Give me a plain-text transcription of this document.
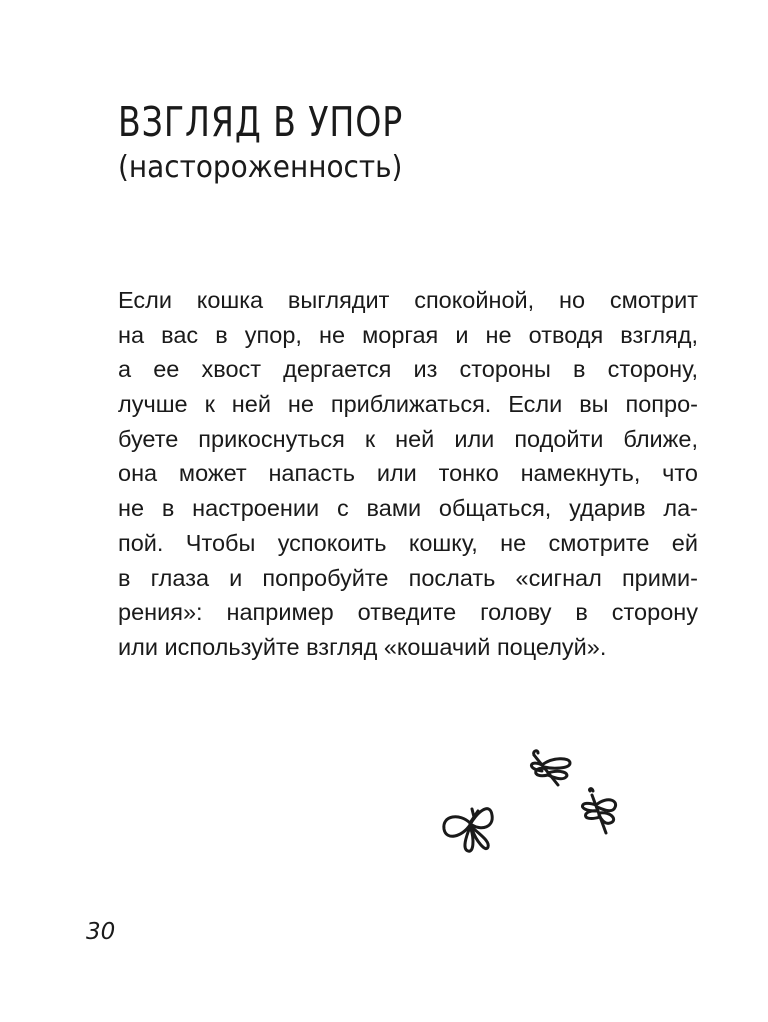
ВЗГЛЯД В УПОР

(настороженность)

Если кошка выглядит спокойной, но смотрит
на вас в упор, не моргая и не отводя взгляд,
а ее хвост дергается из стороны в сторону,
лучше к ней не приближаться. Если вы попро-
буете прикоснуться к ней или подойти ближе,
она может напасть или тонко намекнуть, что
не в настроении с вами общаться, ударив ла-
пой. Чтобы успокоить кошку, не смотрите ей
в глаза и попробуйте послать «сигнал прими-
рения»: например отведите голову в сторону
или используйте взгляд «кошачий поцелуй».
30
